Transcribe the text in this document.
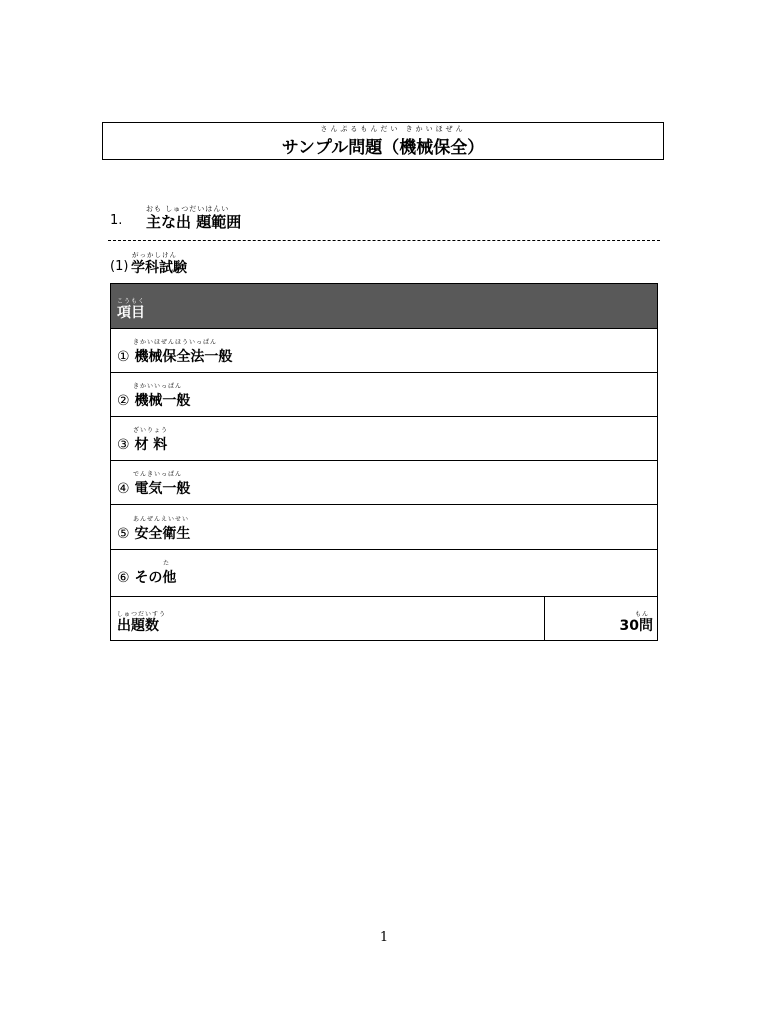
さんぷるもんだい きかいほぜん
サンプル問題（機械保全）
1.
おも しゅつだいはんい
主な出 題範囲
(1)
がっかしけん
学科試験
こうもく
項目
きかいほぜんほういっぱん
① 機械保全法一般
きかいいっぱん
② 機械一般
ざいりょう
③ 材 料
でんきいっぱん
④ 電気一般
あんぜんえいせい
⑤ 安全衛生
た
⑥ その他
しゅつだいすう
出題数
もん
30問
1
